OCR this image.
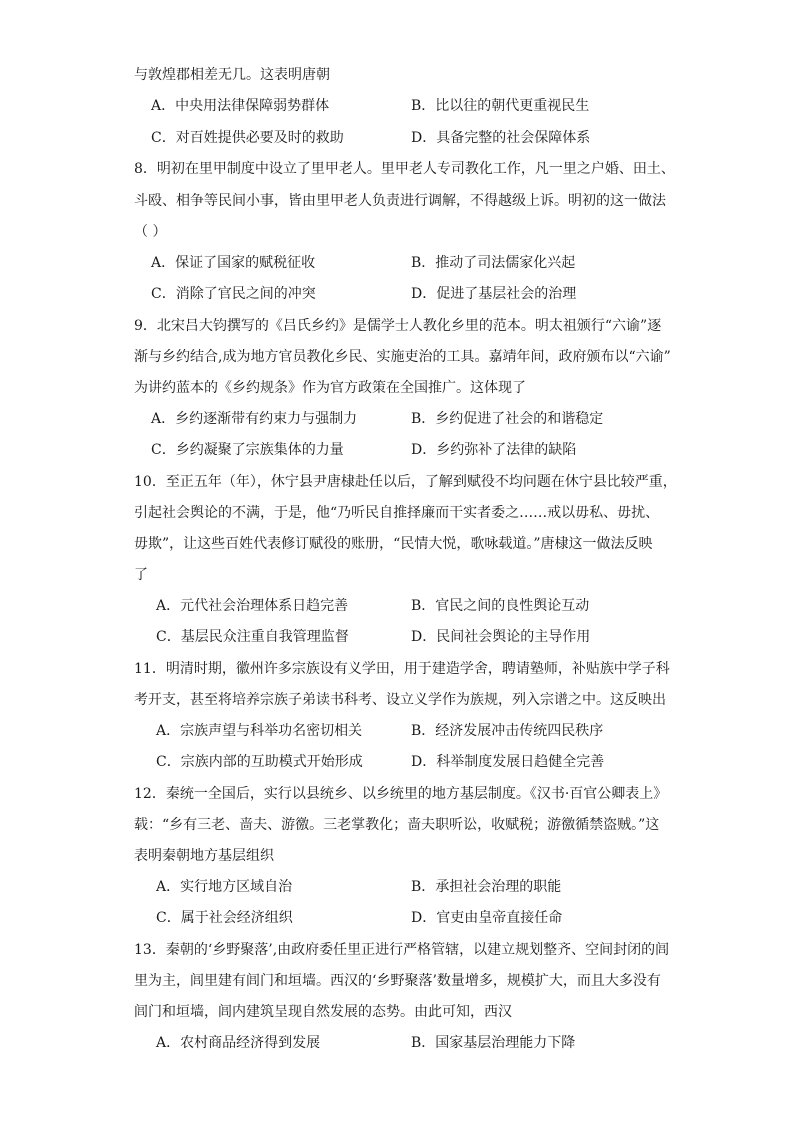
与敦煌郡相差无几。这表明唐朝
A．中央用法律保障弱势群体	B．比以往的朝代更重视民生
C．对百姓提供必要及时的救助	D．具备完整的社会保障体系
8．明初在里甲制度中设立了里甲老人。里甲老人专司教化工作，凡一里之户婚、田土、
斗殴、相争等民间小事，皆由里甲老人负责进行调解，不得越级上诉。明初的这一做法
（ ）
A．保证了国家的赋税征收	B．推动了司法儒家化兴起
C．消除了官民之间的冲突	D．促进了基层社会的治理
9．北宋吕大钧撰写的《吕氏乡约》是儒学士人教化乡里的范本。明太祖颁行“六谕”逐
渐与乡约结合,成为地方官员教化乡民、实施吏治的工具。嘉靖年间，政府颁布以“六谕”
为讲约蓝本的《乡约规条》作为官方政策在全国推广。这体现了
A．乡约逐渐带有约束力与强制力	B．乡约促进了社会的和谐稳定
C．乡约凝聚了宗族集体的力量	D．乡约弥补了法律的缺陷
10．至正五年（年），休宁县尹唐棣赴任以后，了解到赋役不均问题在休宁县比较严重，
引起社会舆论的不满，于是，他“乃听民自推择廉而干实者委之……戒以毋私、毋扰、
毋欺”，让这些百姓代表修订赋役的账册，“民情大悦，歌咏载道。”唐棣这一做法反映
了
A．元代社会治理体系日趋完善	B．官民之间的良性舆论互动
C．基层民众注重自我管理监督	D．民间社会舆论的主导作用
11．明清时期，徽州许多宗族设有义学田，用于建造学舍，聘请塾师，补贴族中学子科
考开支，甚至将培养宗族子弟读书科考、设立义学作为族规，列入宗谱之中。这反映出
A．宗族声望与科举功名密切相关	B．经济发展冲击传统四民秩序
C．宗族内部的互助模式开始形成	D．科举制度发展日趋健全完善
12．秦统一全国后，实行以县统乡、以乡统里的地方基层制度。《汉书·百官公卿表上》
载：“乡有三老、啬夫、游徼。三老掌教化；啬夫职听讼，收赋税；游徼循禁盗贼。”这
表明秦朝地方基层组织
A．实行地方区域自治	B．承担社会治理的职能
C．属于社会经济组织	D．官吏由皇帝直接任命
13．秦朝的‘乡野聚落’,由政府委任里正进行严格管辖，以建立规划整齐、空间封闭的闾
里为主，闾里建有闾门和垣墙。西汉的‘乡野聚落’数量增多，规模扩大，而且大多没有
闾门和垣墙，闾内建筑呈现自然发展的态势。由此可知，西汉
A．农村商品经济得到发展	B．国家基层治理能力下降
